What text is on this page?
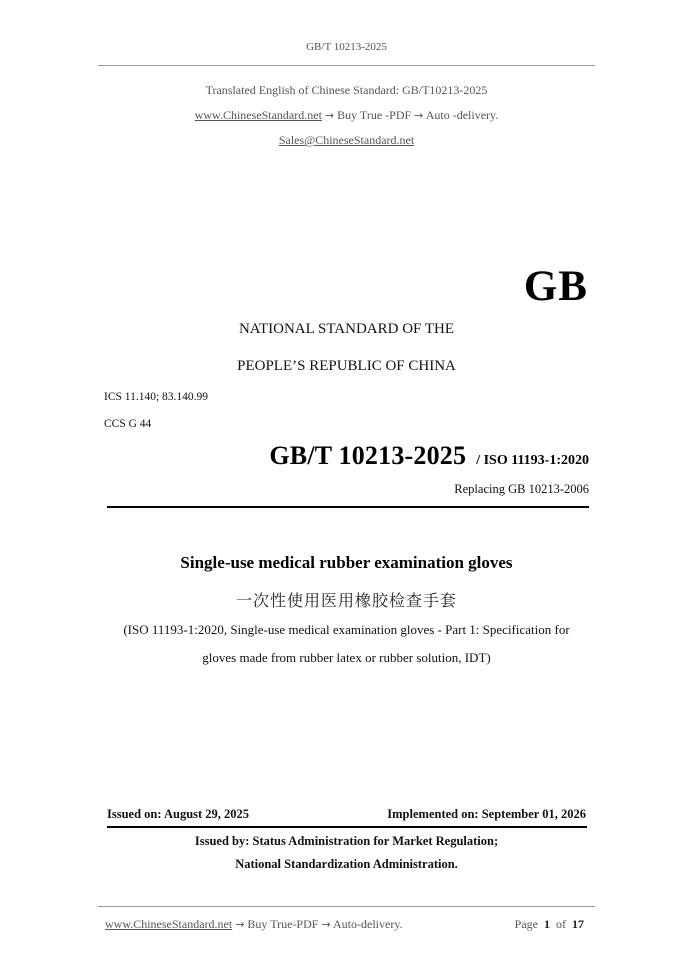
GB/T 10213-2025
Translated English of Chinese Standard: GB/T10213-2025
www.ChineseStandard.net → Buy True -PDF → Auto -delivery.
Sales@ChineseStandard.net
GB
NATIONAL STANDARD OF THE
PEOPLE’S REPUBLIC OF CHINA
ICS 11.140; 83.140.99
CCS G 44
GB/T 10213-2025 / ISO 11193-1:2020
Replacing GB 10213-2006
Single-use medical rubber examination gloves
一次性使用医用橡胶检查手套
(ISO 11193-1:2020, Single-use medical examination gloves - Part 1: Specification for
gloves made from rubber latex or rubber solution, IDT)
Issued on: August 29, 2025	Implemented on: September 01, 2026
Issued by: Status Administration for Market Regulation;
National Standardization Administration.
www.ChineseStandard.net → Buy True-PDF → Auto-delivery.	Page 1 of 17
